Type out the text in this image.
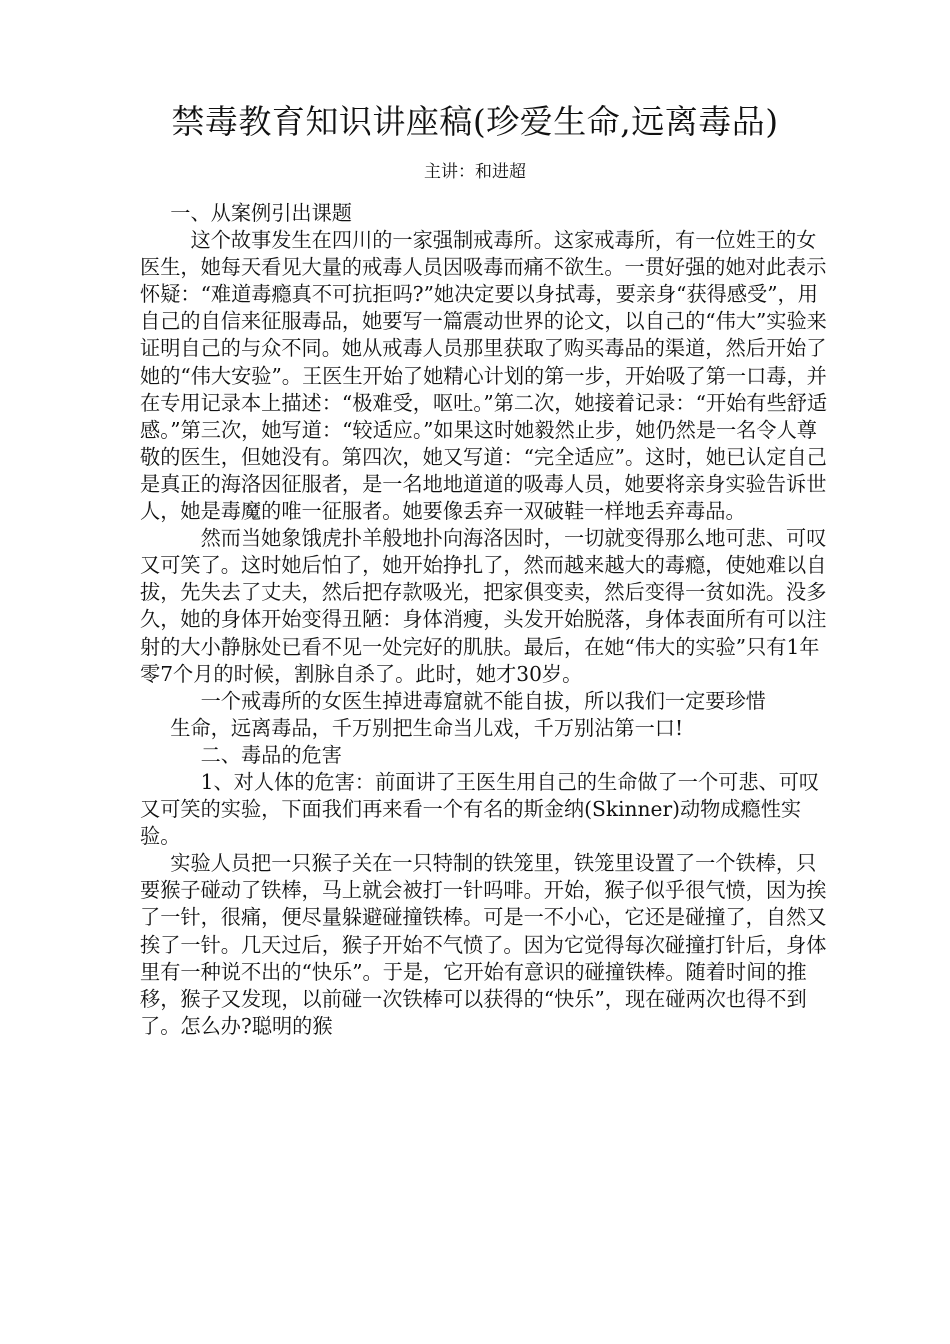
禁毒教育知识讲座稿(珍爱生命,远离毒品)
主讲：和进超

一、从案例引出课题

这个故事发生在四川的一家强制戒毒所。这家戒毒所，有一位姓王的女医生，她每天看见大量的戒毒人员因吸毒而痛不欲生。一贯好强的她对此表示怀疑：“难道毒瘾真不可抗拒吗?”她决定要以身拭毒，要亲身“获得感受”，用自己的自信来征服毒品，她要写一篇震动世界的论文，以自己的“伟大”实验来证明自己的与众不同。她从戒毒人员那里获取了购买毒品的渠道，然后开始了她的“伟大安验”。王医生开始了她精心计划的第一步，开始吸了第一口毒，并在专用记录本上描述：“极难受，呕吐。”第二次，她接着记录：“开始有些舒适感。”第三次，她写道：“较适应。”如果这时她毅然止步，她仍然是一名令人尊敬的医生，但她没有。第四次，她又写道：“完全适应”。这时，她已认定自己是真正的海洛因征服者，是一名地地道道的吸毒人员，她要将亲身实验告诉世人，她是毒魔的唯一征服者。她要像丢弃一双破鞋一样地丢弃毒品。

然而当她象饿虎扑羊般地扑向海洛因时，一切就变得那么地可悲、可叹又可笑了。这时她后怕了，她开始挣扎了，然而越来越大的毒瘾，使她难以自拔，先失去了丈夫，然后把存款吸光，把家俱变卖，然后变得一贫如洗。没多久，她的身体开始变得丑陋：身体消瘦，头发开始脱落，身体表面所有可以注射的大小静脉处已看不见一处完好的肌肤。最后，在她“伟大的实验”只有1年零7个月的时候，割脉自杀了。此时，她才30岁。

一个戒毒所的女医生掉进毒窟就不能自拔，所以我们一定要珍惜

生命，远离毒品，千万别把生命当儿戏，千万别沾第一口!

二、毒品的危害

1、对人体的危害：前面讲了王医生用自己的生命做了一个可悲、可叹又可笑的实验，下面我们再来看一个有名的斯金纳(Skinner)动物成瘾性实验。

实验人员把一只猴子关在一只特制的铁笼里，铁笼里设置了一个铁棒，只要猴子碰动了铁棒，马上就会被打一针吗啡。开始，猴子似乎很气愤，因为挨了一针，很痛，便尽量躲避碰撞铁棒。可是一不小心，它还是碰撞了，自然又挨了一针。几天过后，猴子开始不气愤了。因为它觉得每次碰撞打针后，身体里有一种说不出的“快乐”。于是，它开始有意识的碰撞铁棒。随着时间的推移，猴子又发现，以前碰一次铁棒可以获得的“快乐”，现在碰两次也得不到了。怎么办?聪明的猴
